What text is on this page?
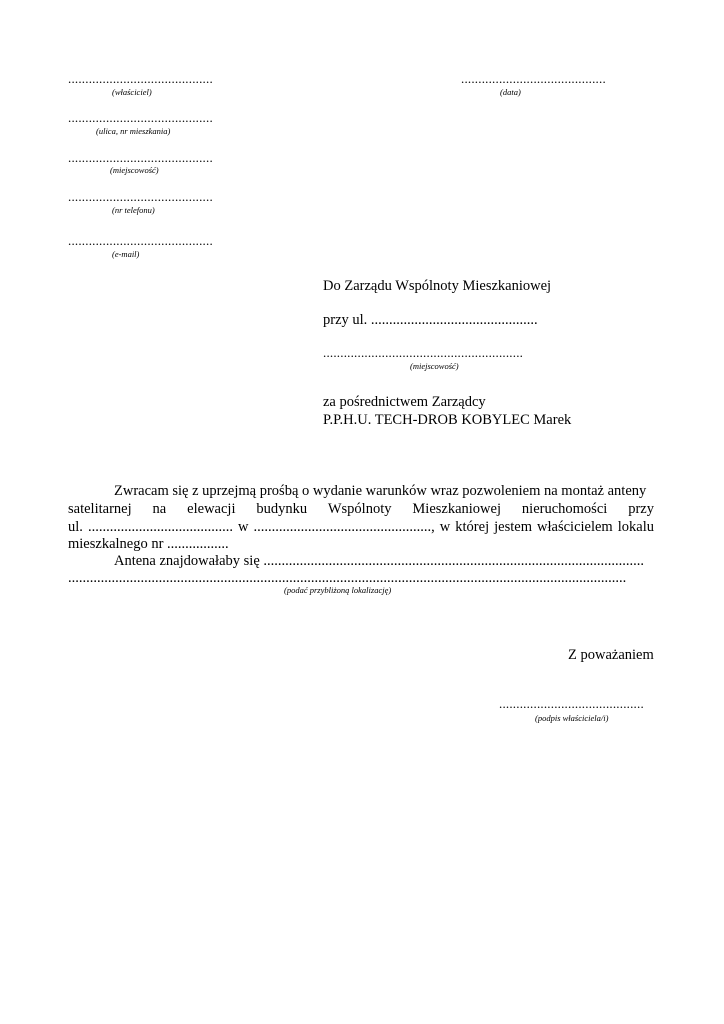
..........................................
(właściciel)
..........................................
(ulica, nr mieszkania)
..........................................
(miejscowość)
..........................................
(nr telefonu)
..........................................
(e-mail)
..........................................
(data)
Do Zarządu Wspólnoty Mieszkaniowej
przy ul. ..............................................
..........................................................
(miejscowość)
za pośrednictwem Zarządcy
P.P.H.U. TECH-DROB KOBYLEC Marek
Zwracam się z uprzejmą prośbą o wydanie warunków wraz pozwoleniem na montaż anteny
satelitarnej na elewacji budynku Wspólnoty Mieszkaniowej nieruchomości przy
ul. ........................................ w ................................................., w której jestem właścicielem lokalu
mieszkalnego nr .................
Antena znajdowałaby się .........................................................................................................
..........................................................................................................................................................
(podać przybliżoną lokalizację)
Z poważaniem
..........................................
(podpis właściciela/i)
